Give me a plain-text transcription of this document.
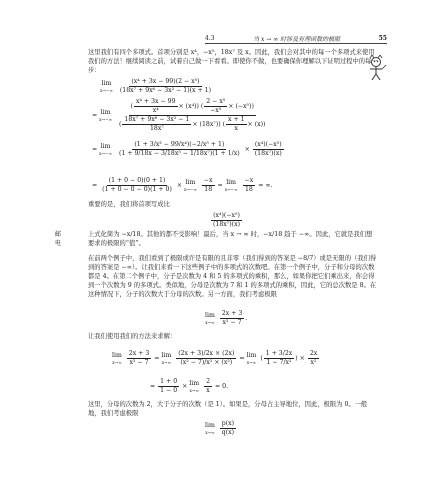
4.3	当 x → ∞ 时涉及有理函数的极限	55

这里我们有四个多项式。首项分别是 x⁴，−x⁵，18x⁷ 及 x。因此，我们会对其中的每一个多项式来使用我们的方法！继续阅读之前，试着自己做一下看看。即使你不做，也要确保你理解以下证明过程中的每一步：

lim
x→−∞
$\frac{\text{(x⁴ + 3x − 99)(2 − x⁵)}}{\text{(18x⁷ + 9x⁶ − 3x² − 1)(x + 1)}}$
= lim
x→−∞
$\frac{( \frac{\text{x⁴ + 3x − 99}}{\text{x⁴}} \times (x^4)) ( \frac{\text{2 − x⁵}}{\text{−x⁵}} \times (-x^5))}{( \frac{\text{18x⁷ + 9x⁶ − 3x² − 1}}{\text{18x⁷}} \times (18x^7)) ( \frac{x + 1}{x} \times (x))}$
= lim
x→−∞
$\frac{\text{(1 + 3/x³ − 99/x⁴)(−2/x⁵ + 1)}}{\text{(1 + 9/18x − 3/18x⁵ − 1/18x⁷)(1 + 1/x)}} \times \frac{\text{(x⁴)(−x⁵)}}{\text{(18x⁷)(x)}}$
= $\frac{(1 + 0 - 0)(0 + 1)}{(1 + 0 - 0 - 0)(1 + 0)} \times \lim$
x→−∞
$\frac{-x}{18} = \lim$
x→−∞
$\frac{-x}{18}$ = ∞.

重要的是，我们将首项写成比

$\frac{\text{(x⁴)(−x⁵)}}{\text{(18x⁷)(x)}}$
邮
电

上式化简为 −x/18。其他的都不受影响！最后，当 x → ∞ 时，−x/18 趋于 −∞。因此，它就是我们想要求的极限的“值”。

在前两个例子中，我们看到了极限或许是有限的且非零（我们得到的答案是 −8/7）或是无限的（我们得到的答案是 −∞）。让我们来看一下这些例子中的多项式的次数吧。在第一个例子中，分子和分母的次数都是 4。在第二个例子中，分子是次数为 4 和 5 的多项式的乘积，那么，如果你把它们乘出来，你会得到一个次数为 9 的多项式。类似地，分母是次数为 7 和 1 的多项式的乘积，因此，它的总次数是 8。在这种情况下，分子的次数大于分母的次数。另一方面，我们考虑极限

lim
x→∞
$\frac{2x + 3}{\text{x² − 7}}$ .

让我们使用我们的方法来求解：

lim
x→∞
$\frac{2x + 3}{\text{x² − 7}} = \lim$
x→∞
$\frac{(2x + 3)/2x \times (2x)}{\text{(x² − 7)/x² × (x²)}} = \lim$
x→∞
( $\frac{1 + 3/2x}{\text{1 − 7/x²}}$ ) × $\frac{2x}{\text{x²}}$
= $\frac{1 + 0}{1 - 0} \times \lim$
x→∞
$\frac{2}{x} = 0$.

这里，分母的次数为 2，大于分子的次数（是 1）。如果是，分母占主导地位，因此，极限为 0。一般地，我们考虑极限

lim
x→∞
$\frac{p(x)}{q(x)}$
